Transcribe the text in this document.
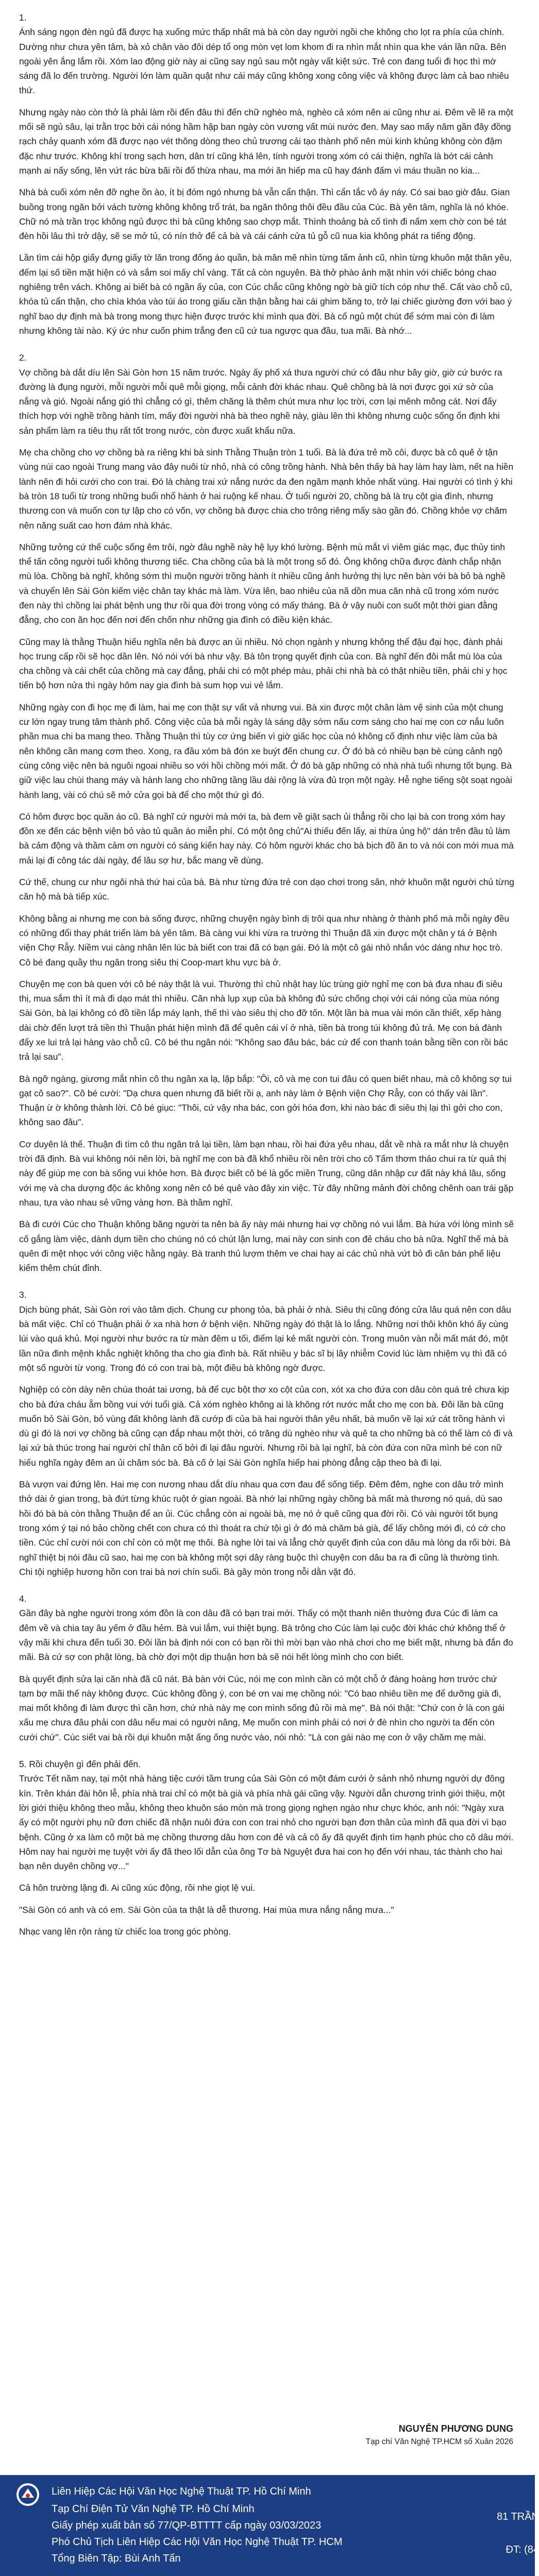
1.

Ánh sáng ngọn đèn ngủ đã được hạ xuống mức thấp nhất mà bà còn day người ngồi che không cho lọt ra phía của chính. Dường như chưa yên tâm, bà xỏ chân vào đôi dép tổ ong mòn vẹt lom khom đi ra nhìn mắt nhìn qua khe ván lần nữa. Bên ngoài yên ắng lắm rồi. Xóm lao động giờ này ai cũng say ngủ sau một ngày vất kiệt sức. Trẻ con đang tuổi đi học thì mờ sáng đã lo đến trường. Người lớn làm quần quật như cái máy cũng không xong công việc và không được làm cả bao nhiêu thứ.

Nhưng ngày nào còn thở là phải làm rồi đến đâu thì đến chữ nghèo mà, nghèo cả xóm nên ai cũng như ai. Đêm về lẽ ra một mối sẽ ngủ sâu, lại trằn trọc bởi cái nóng hầm hập ban ngày còn vương vất mùi nước đen. May sao mấy năm gần đây đồng rạch chảy quanh xóm đã được nạo vét thông dòng theo chủ trương cải tạo thành phố nên mùi kinh khủng không còn đậm đặc như trước. Không khí trong sạch hơn, dân trí cũng khá lên, tính người trong xóm có cái thiện, nghĩa là bớt cái cảnh mạnh ai nấy sống, lên vứt rác bừa bãi rồi đổ thừa nhau, ma mới ăn hiếp ma cũ hay đánh đấm vì máu thuần no kia...

Nhà bà cuối xóm nên đỡ nghe ồn ào, ít bị đóm ngó nhưng bà vẫn cẩn thận. Thì cẩn tắc vô áy náy. Có sai bao giờ đâu. Gian buồng trong ngăn bởi vách tường không không trổ trát, ba ngăn thông thôi đều đầu của Cúc. Bà yên tâm, nghĩa là nó khóe. Chữ nó mà trần trọc không ngủ được thì bà cũng không sao chợp mắt. Thình thoảng bà cố tình đi nấm xem chờ con bé tát đèn hồi lâu thì trở dậy, sẽ se mở tủ, có nín thở để cả bà và cái cánh cửa tủ gỗ cũ nua kia không phát ra tiếng động.

Lần tìm cái hộp giấy đựng giấy tờ lăn trong đống áo quần, bà mân mê nhìn từng tấm ảnh cũ, nhìn từng khuôn mặt thân yêu, đếm lại số tiền mặt hiện có và sắm soi mấy chỉ vàng. Tất cả còn nguyên. Bà thở phào ảnh mặt nhìn với chiếc bóng chao nghiêng trên vách. Không ai biết bà có ngần ấy của, con Cúc chắc cũng không ngờ bà giữ tích cóp như thế. Cất vào chỗ cũ, khóa tủ cẩn thận, cho chìa khóa vào túi áo trong giấu cần thận bằng hai cái ghim băng to, trở lại chiếc giường đơn với bao ý nghĩ bao dự định mà bà trong mong thực hiện được trước khi mình qua đời. Bà cố ngủ một chút để sớm mai còn đi làm nhưng không tài nào. Ký ức như cuốn phim trắng đen cũ cứ tua ngược qua đầu, tua mãi. Bà nhớ...

2.

Vợ chồng bà dắt díu lên Sài Gòn hơn 15 năm trước. Ngày ấy phố xá thưa người chứ có đâu như bây giờ, giờ cứ bước ra đường là đụng người, mỗi người mỗi quê mỗi giọng, mỗi cảnh đời khác nhau. Quê chồng bà là nơi được gọi xứ sở của nắng và gió. Ngoài nắng gió thì chẳng có gì, thêm chăng là thêm chút mưa như lọc trời, cơn lại mênh mông cát. Nơi đấy thích hợp với nghề trồng hành tím, mấy đời người nhà bà theo nghề này, giàu lên thì không nhưng cuộc sống ổn định khi sản phẩm làm ra tiêu thụ rất tốt trong nước, còn được xuất khẩu nữa.

Mẹ cha chồng cho vợ chồng bà ra riêng khi bà sinh Thằng Thuận tròn 1 tuổi. Bà là đứa trẻ mồ côi, được bà cô quê ở tận vùng núi cao ngoài Trung mang vào đây nuôi từ nhỏ, nhà có công trồng hành. Nhà bên thấy bà hay làm hay làm, nết na hiền lành nên đi hỏi cưới cho con trai. Đó là chàng trai xứ nắng nước da đen ngăm mạnh khỏe nhất vùng. Hai người có tình ý khi bà tròn 18 tuổi từ trong những buổi nhổ hành ở hai ruộng kế nhau. Ở tuổi người 20, chồng bà là trụ cột gia đình, nhưng thương con và muốn con tự lập cho có vốn, vợ chồng bà được chia cho trông riêng mấy sào gần đó. Chồng khỏe vợ chăm nên năng suất cao hơn đám nhà khác.

Những tưởng cứ thế cuộc sống êm trôi, ngờ đâu nghề này hệ lụy khó lường. Bệnh mù mắt vì viêm giác mạc, đục thủy tinh thể tấn công người tuổi không thương tiếc. Cha chồng của bà là một trong số đó. Ông không chữa được đành chắp nhận mù lòa. Chồng bà nghĩ, không sớm thì muộn người trồng hành ít nhiều cũng ảnh hưởng thị lực nên bàn với bà bỏ bà nghề và chuyển lên Sài Gòn kiếm việc chân tay khác mà làm. Vừa lên, bao nhiêu của nã dồn mua căn nhà cũ trong xóm nước đen này thì chồng lại phát bệnh ung thư rồi qua đời trong vòng có mấy tháng. Bà ở vậy nuôi con suốt một thời gian đằng đẵng, cho con ăn học đến nơi đến chốn như những gia đình có điều kiện khác.

Cũng may là thằng Thuận hiếu nghĩa nên bà được an ủi nhiều. Nó chọn ngành y nhưng không thể đậu đại học, đành phải học trung cấp rồi sẽ học dần lên. Nó nói với bà như vậy. Bà tôn trọng quyết định của con. Bà nghĩ đến đôi mắt mù lòa của cha chồng và cái chết của chồng mà cay đắng, phải chi có một phép màu, phải chi nhà bà có thật nhiều tiền, phải chi y học tiến bộ hơn nửa thì ngày hôm nay gia đình bà sum họp vui vẻ lắm.

Những ngày con đi học mẹ đi làm, hai mẹ con thật sự vất vả nhưng vui. Bà xin được một chân làm vệ sinh của một chung cư lớn ngay trung tâm thành phố. Công việc của bà mỗi ngày là sáng dậy sớm nấu cơm sáng cho hai mẹ con cơ nắu luôn phần mua chi ba mang theo. Thằng Thuận thì tùy cơ ứng biến vì giờ giấc học của nó không cố định như việc làm của bà nên không cần mang cơm theo. Xong, ra đầu xóm bà đón xe buýt đến chung cư. Ở đó bà có nhiều bạn bè cùng cảnh ngộ cùng công việc nên bà nguôi ngoai nhiều so với hồi chồng mới mất. Ở đó bà gặp những có nhà nhà tuổi nhưng tốt bụng. Bà giữ việc lau chùi thang máy và hành lang cho những tầng lầu dài rộng là vừa đủ trọn một ngày. Hễ nghe tiếng sột soạt ngoài hành lang, vài có chú sẽ mở cửa gọi bà để cho một thứ gì đó.

Có hôm được bọc quần áo cũ. Bà nghĩ cứ người mà mới ta, bà đem về giặt sạch ủi thẳng rồi cho lại bà con trong xóm hay đồn xe đến các bệnh viện bỏ vào tủ quần áo miễn phí. Có một ông chủ"Ai thiếu đến lấy, ai thừa ủng hộ" dán trên đầu tủ làm bà cảm động và thầm cảm ơn người có sáng kiến hay này. Có hôm người khác cho bà bịch đồ ăn to và nói con mới mua mà mải lại đi công tác dài ngày, để lâu sợ hư, bắc mang về dùng.

Cứ thế, chung cư như ngôi nhà thứ hai của bà. Bà như từng đứa trẻ con dạo chơi trong sân, nhớ khuôn mặt người chủ từng căn hộ mà bà tiếp xúc.

Không bằng ai nhưng mẹ con bà sống được, những chuyện ngày bình dị trôi qua như nhàng ở thành phố mà mỗi ngày đều có những đổi thay phát triển làm bà yên tâm. Bà càng vui khi vừa ra trường thì Thuận đã xin được một chân y tá ở Bệnh viện Chợ Rẫy. Niềm vui càng nhân lên lúc bà biết con trai đã có bạn gái. Đó là một cô gái nhỏ nhắn vóc dáng như học trò. Cô bé đang quầy thu ngân trong siêu thị Coop-mart khu vực bà ở.

Chuyện mẹ con bà quen với cô bé này thật là vui. Thường thì chủ nhật hay lúc trùng giờ nghỉ mẹ con bà đưa nhau đi siêu thị, mua sắm thì ít mà đi dạo mát thì nhiều. Căn nhà lụp xụp của bà không đủ sức chống chọi với cái nóng của mùa nóng Sài Gòn, bà lại không có đồ tiền lắp máy lạnh, thế thì vào siêu thị cho đỡ tốn. Một lần bà mua vài món cần thiết, xếp hàng dài chờ đến lượt trả tiền thì Thuận phát hiện mình đã để quên cái ví ở nhà, tiền bà trong túi không đủ trả. Mẹ con bà đành đẩy xe lui trả lại hàng vào chỗ cũ. Cô bé thu ngân nói: "Không sao đâu bác, bác cứ để con thanh toán bằng tiền con rồi bác trả lại sau".

Bà ngỡ ngàng, giương mắt nhìn cô thu ngân xa lạ, lặp bắp: "Ôi, cô và mẹ con tui đâu có quen biết nhau, mà cô không sợ tui gạt cô sao?". Cô bé cười: "Dạ chưa quen nhưng đã biết rồi ạ, anh này làm ở Bệnh viện Chợ Rẫy, con có thấy vài lần". Thuận ừ ờ không thành lời. Cô bé giục: "Thôi, cứ vậy nha bác, con gởi hóa đơn, khi nào bác đi siêu thị lại thì gởi cho con, không sao đâu".

Cơ duyên là thế. Thuận đi tìm cô thu ngân trả lại tiền, làm bạn nhau, rồi hai đứa yêu nhau, dắt về nhà ra mắt như là chuyện trời đã định. Bà vui không nói nên lời, bà nghĩ mẹ con bà đã khổ nhiều rồi nên trời cho cô Tấm thơm thảo chui ra từ quả thị này để giúp mẹ con bà sống vui khỏe hơn. Bà được biết cô bé là gốc miền Trung, cũng dân nhập cư đất này khá lâu, sống với mẹ và cha dượng độc ác không xong nên cô bé quê vào đây xin việc. Từ đây những mảnh đời chông chênh oan trái gặp nhau, tựa vào nhau sẻ vững vàng hơn. Bà thầm nghĩ.

Bà đi cưới Cúc cho Thuận không băng người ta nên bà ấy này mái nhưng hai vợ chồng nó vui lắm. Bà hứa với lòng mình sẽ cố gắng làm việc, dành dụm tiền cho chúng nó có chút lận lưng, mai này con sinh con đẻ cháu cho bà nữa. Nghĩ thế mà bà quên đi mệt nhọc với công việc hằng ngày. Bà tranh thủ lượm thêm ve chai hay ai các chủ nhà vứt bỏ đi cân bán phế liệu kiếm thêm chút đỉnh.

3.

Dịch bùng phát, Sài Gòn rơi vào tâm dịch. Chung cư phong tỏa, bà phải ở nhà. Siêu thị cũng đóng cửa lâu quá nên con dâu bà mất việc. Chỉ có Thuận phải ở xa nhà hơn ở bệnh viện. Những ngày đó thật là lo lắng. Những nơi thôi khôn khó ấy cùng lúi vào quá khủ. Mọi người như bước ra từ màn đêm u tối, điểm lại kẻ mất người còn. Trong muôn vàn nỗi mất mát đó, một lần nữa đinh mệnh khắc nghiệt không tha cho gia đình bà. Rất nhiều y bác sĩ bị lây nhiễm Covid lúc làm nhiệm vụ thì đã có một số người từ vong. Trong đó có con trai bà, một điều bà không ngờ được.

Nghiệp có còn dày nên chúa thoát tai ương, bà để cục bột thơ xo cột của con, xót xa cho đứa con dâu còn quá trẻ chưa kịp cho bà đứa cháu ẵm bồng vui với tuổi già. Cả xóm nghèo không ai là không rớt nước mắt cho mẹ con bà. Đôi lần bà cũng muốn bỏ Sài Gòn, bỏ vùng đất không lành đã cướp đi của bà hai người thân yêu nhất, bà muốn về lại xứ cát trồng hành vì dù gì đó là nơi vợ chồng bà cũng cạn đắp nhau một thời, có trăng dù nghèo như và quê ta cho những bà có thể làm có đi và lại xứ bà thúc trong hai người chỉ thân cố bởi đi lại đâu người. Nhưng rồi bà lại nghĩ, bà còn đứa con nữa mình bé con nữ hiếu nghĩa ngày đêm an ủi chăm sóc bà. Bà cố ở lại Sài Gòn nghĩa hiếp hai phòng đẳng cập theo bà đi lại.

Bà vượn vai đứng lên. Hai mẹ con nương nhau dắt díu nhau qua cơn đau để sống tiếp. Đêm đêm, nghe con dâu trở mình thở dài ở gian trong, bà đứt từng khúc ruột ở gian ngoài. Bà nhớ lại những ngày chồng bà mất mà thương nó quá, dù sao hồi đó bà bà còn thằng Thuận để an ủi. Cúc chẳng còn ai ngoài bà, mẹ nó ở quê cũng qua đời rồi. Có vài người tốt bụng trong xóm ý tại nó bảo chồng chết con chưa có thì thoát ra chứ tội gì ở đó mà chăm bà già, để lấy chồng mới đi, có cớ cho tiền. Cúc chỉ cười nói con chỉ còn có một mẹ thôi. Bà nghe lời tai và lẳng chờ quyết định của con dâu mà lòng da rối bời. Bà nghĩ thiệt bị nói đâu cũ sao, hai mẹ con bà không một sợi dây ràng buộc thì chuyện con dâu ba ra đi cũng là thường tình. Chi tội nghiệp hương hồn con trai bà nơi chín suối. Bà gây mòn trong nỗi dằn vặt đó.

4.

Gần đây bà nghe người trong xóm đồn là con dâu đã có bạn trai mới. Thấy có một thanh niên thường đưa Cúc đi làm ca đêm về và chia tay âu yếm ở đầu hẻm. Bà vui lắm, vui thiệt bụng. Bà trông cho Cúc làm lại cuộc đời khác chứ không thể ở vậy mãi khi chưa đến tuổi 30. Đôi lần bà định nói con có bạn rồi thì mời bạn vào nhà chơi cho mẹ biết mặt, nhưng bà đắn đo mãi. Bà cứ sợ con phật lòng, bà chờ đợi một dịp thuận hơn bà sẽ nói hết lòng mình cho con biết.

Bà quyết định sửa lại căn nhà đã cũ nát. Bà bàn với Cúc, nói mẹ con mình cần có một chỗ ở đàng hoàng hơn trước chứ tạm bợ mãi thế này không được. Cúc không đồng ý, con bé ơn vai mẹ chồng nói: "Có bao nhiêu tiền mẹ để dưỡng già đi, mai mốt không đi làm được thì cần hơn, chứ nhà này mẹ con mình sống đủ rồi mà mẹ". Bà nói thật: "Chứ con ở là con gái xấu mẹ chưa đâu phải con dâu nếu mai có người nâng, Mẹ muốn con mình phải có nơi ở đè nhìn cho người ta đến còn cưới chứ". Cúc siết vai bà rồi dụi khuôn mặt ấng ống nước vào, nói nhỏ: "Là con gái nào mẹ con ở vậy chăm mẹ mài.

5. Rồi chuyện gì đến phải đến.

Trước Tết năm nay, tại một nhà hàng tiệc cưới tầm trung của Sài Gòn có một đám cưới ở sảnh nhỏ nhưng người dự đông kín. Trên khán đài hôn lễ, phía nhà trai chỉ có một bà già và phía nhà gái cũng vậy. Người dẫn chương trình giới thiệu, một lời giới thiệu không theo mẫu, không theo khuôn sáo mòn mà trong giọng nghẹn ngào như chực khóc, anh nói: "Ngày xưa ấy có một người phụ nữ đơn chiếc đã nhận nuôi đứa con con trai nhỏ cho người bạn đơn thân của mình đã qua đời vì bạo bệnh. Cũng ở xa làm cô một bà mẹ chồng thương dâu hơn con đẻ và cả cô ấy đã quyết định tìm hạnh phúc cho cô dâu mới. Hôm nay hai người mẹ tuyệt vời ấy đã theo lối dẫn của ông Tơ bà Nguyệt đưa hai con họ đến với nhau, tác thành cho hai bạn nên duyên chồng vợ..."

Cả hôn trường lặng đi. Ai cũng xúc động, rồi nhe giọt lệ vui.

"Sài Gòn có anh và có em. Sài Gòn của ta thật là dễ thương. Hai mùa mưa nắng nắng mưa..."

Nhạc vang lên rộn ràng từ chiếc loa trong góc phòng.

NGUYỄN PHƯƠNG DUNG
Tạp chí Văn Nghệ TP.HCM số Xuân 2026
Liên Hiệp Các Hội Văn Học Nghệ Thuật TP. Hồ Chí Minh
Tạp Chí Điện Tử Văn Nghệ TP. Hồ Chí Minh
Giấy phép xuất bản số 77/QP-BTTTT cấp ngày 03/03/2023
Phó Chủ Tịch Liên Hiệp Các Hội Văn Học Nghệ Thuật TP. HCM
Tổng Biên Tập: Bùi Anh Tấn
81 TRẦN
ĐT: (84
